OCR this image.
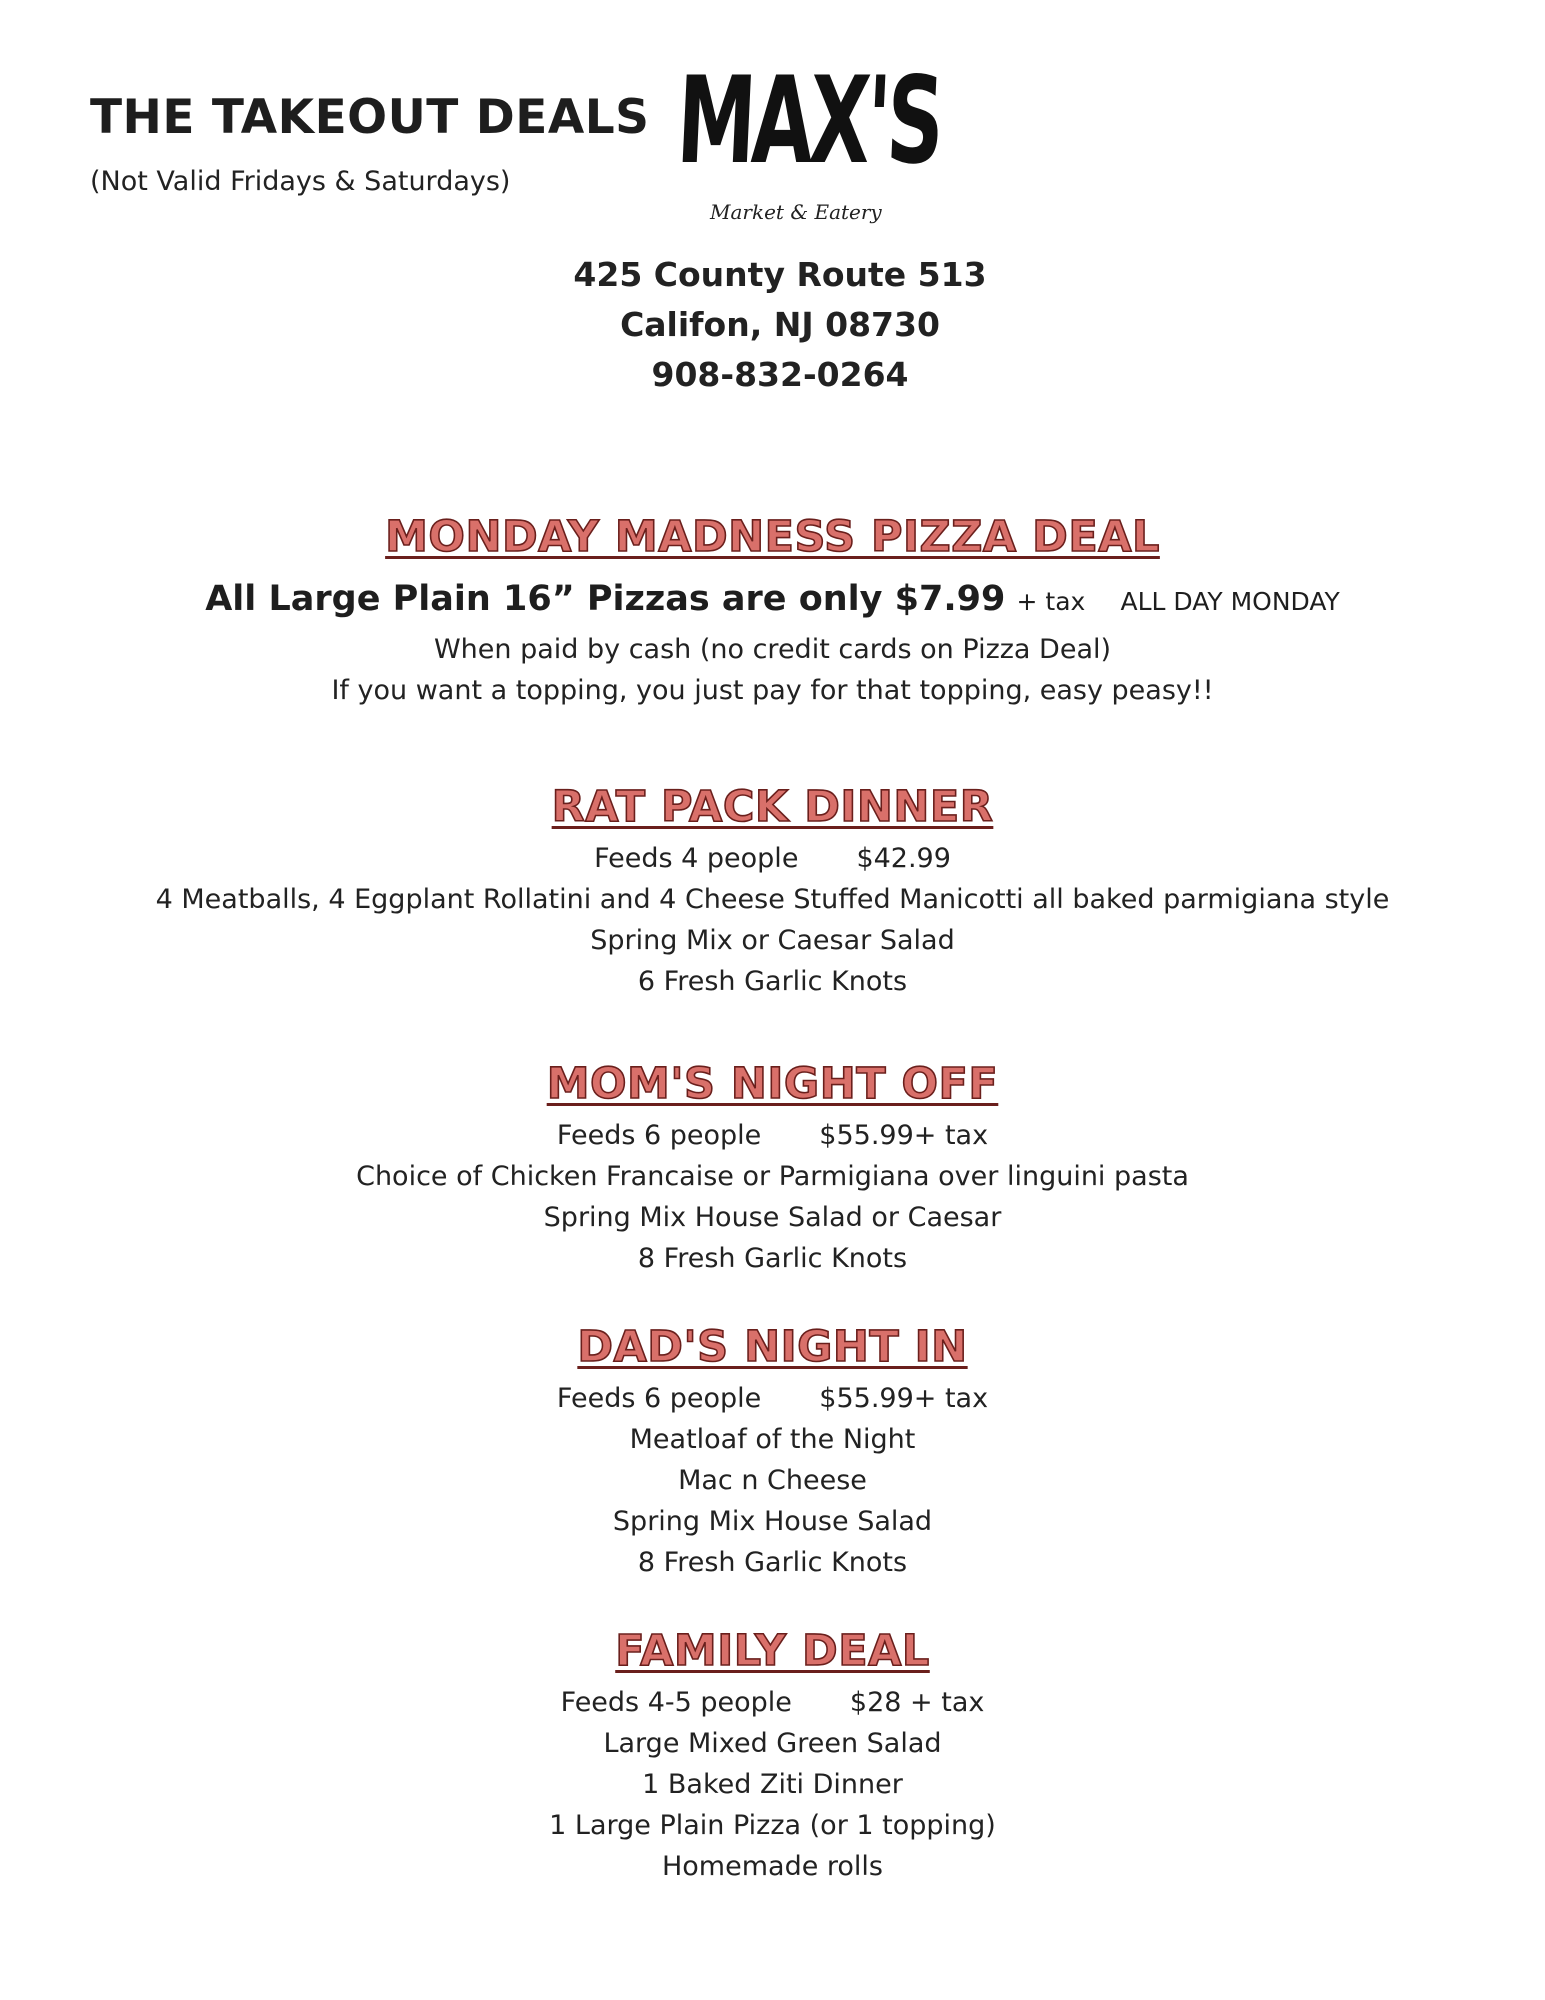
THE TAKEOUT DEALS
(Not Valid Fridays & Saturdays) MAX'S
Market & Eatery
425 County Route 513
Califon, NJ 08730
908-832-0264
MONDAY MADNESS PIZZA DEAL
All Large Plain 16” Pizzas are only $7.99 + tax ALL DAY MONDAY
When paid by cash (no credit cards on Pizza Deal)
If you want a topping, you just pay for that topping, easy peasy!!
RAT PACK DINNER
Feeds 4 people $42.99
4 Meatballs, 4 Eggplant Rollatini and 4 Cheese Stuffed Manicotti all baked parmigiana style
Spring Mix or Caesar Salad
6 Fresh Garlic Knots
MOM'S NIGHT OFF
Feeds 6 people $55.99+ tax
Choice of Chicken Francaise or Parmigiana over linguini pasta
Spring Mix House Salad or Caesar
8 Fresh Garlic Knots
DAD'S NIGHT IN
Feeds 6 people $55.99+ tax
Meatloaf of the Night
Mac n Cheese
Spring Mix House Salad
8 Fresh Garlic Knots
FAMILY DEAL
Feeds 4-5 people $28 + tax
Large Mixed Green Salad
1 Baked Ziti Dinner
1 Large Plain Pizza (or 1 topping)
Homemade rolls
